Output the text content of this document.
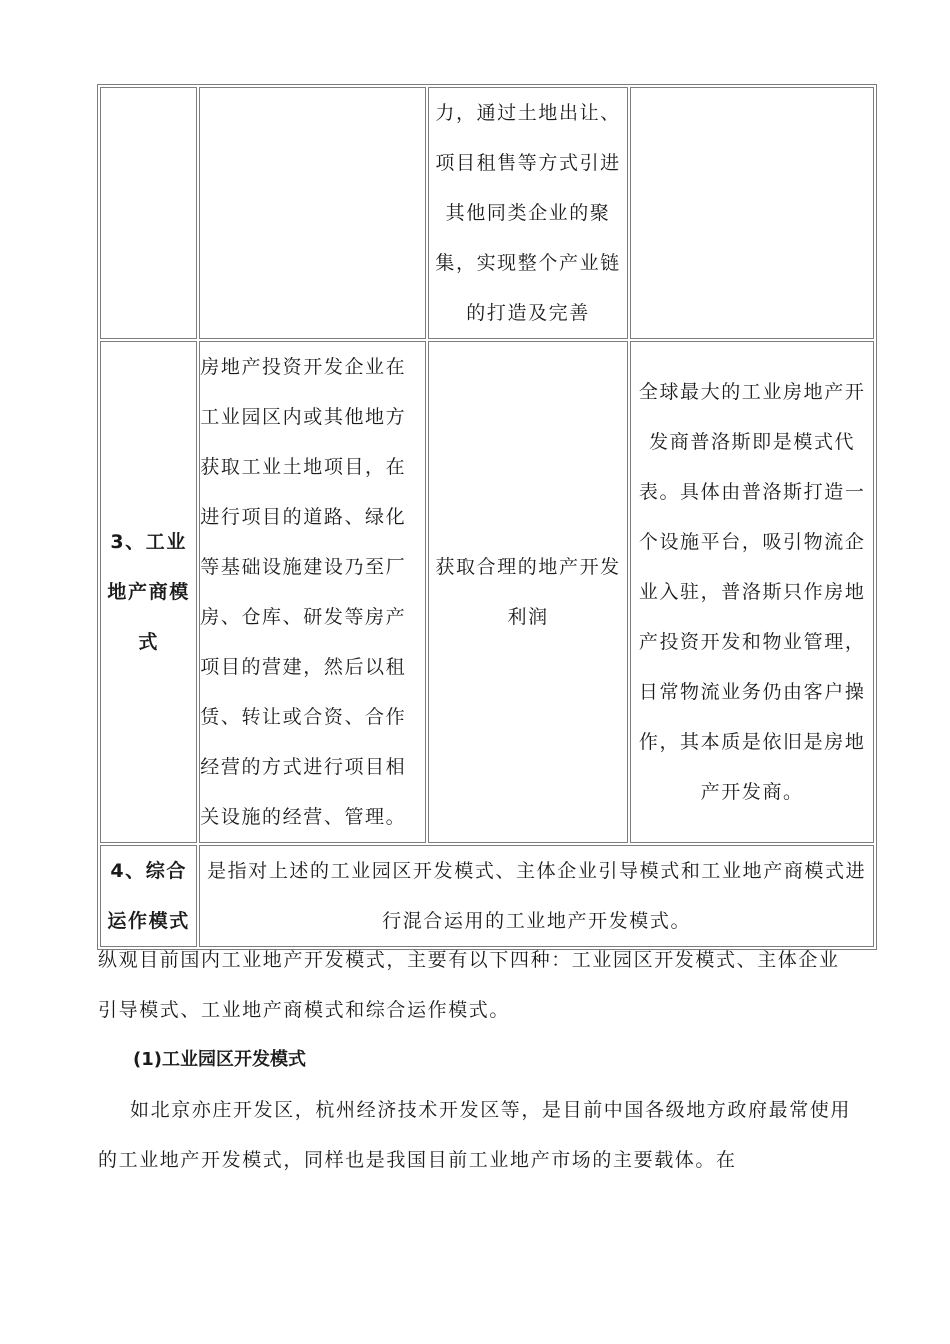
		力，通过土地出让、项目租售等方式引进其他同类企业的聚集，实现整个产业链的打造及完善	

3、工业地产商模式	房地产投资开发企业在工业园区内或其他地方获取工业土地项目，在进行项目的道路、绿化等基础设施建设乃至厂房、仓库、研发等房产项目的营建，然后以租赁、转让或合资、合作经营的方式进行项目相关设施的经营、管理。	获取合理的地产开发利润	全球最大的工业房地产开发商普洛斯即是模式代表。具体由普洛斯打造一个设施平台，吸引物流企业入驻，普洛斯只作房地产投资开发和物业管理，日常物流业务仍由客户操作，其本质是依旧是房地产开发商。

4、综合运作模式	是指对上述的工业园区开发模式、主体企业引导模式和工业地产商模式进行混合运用的工业地产开发模式。		
纵观目前国内工业地产开发模式，主要有以下四种：工业园区开发模式、主体企业引导模式、工业地产商模式和综合运作模式。
(1)工业园区开发模式
如北京亦庄开发区，杭州经济技术开发区等，是目前中国各级地方政府最常使用的工业地产开发模式，同样也是我国目前工业地产市场的主要载体。在
